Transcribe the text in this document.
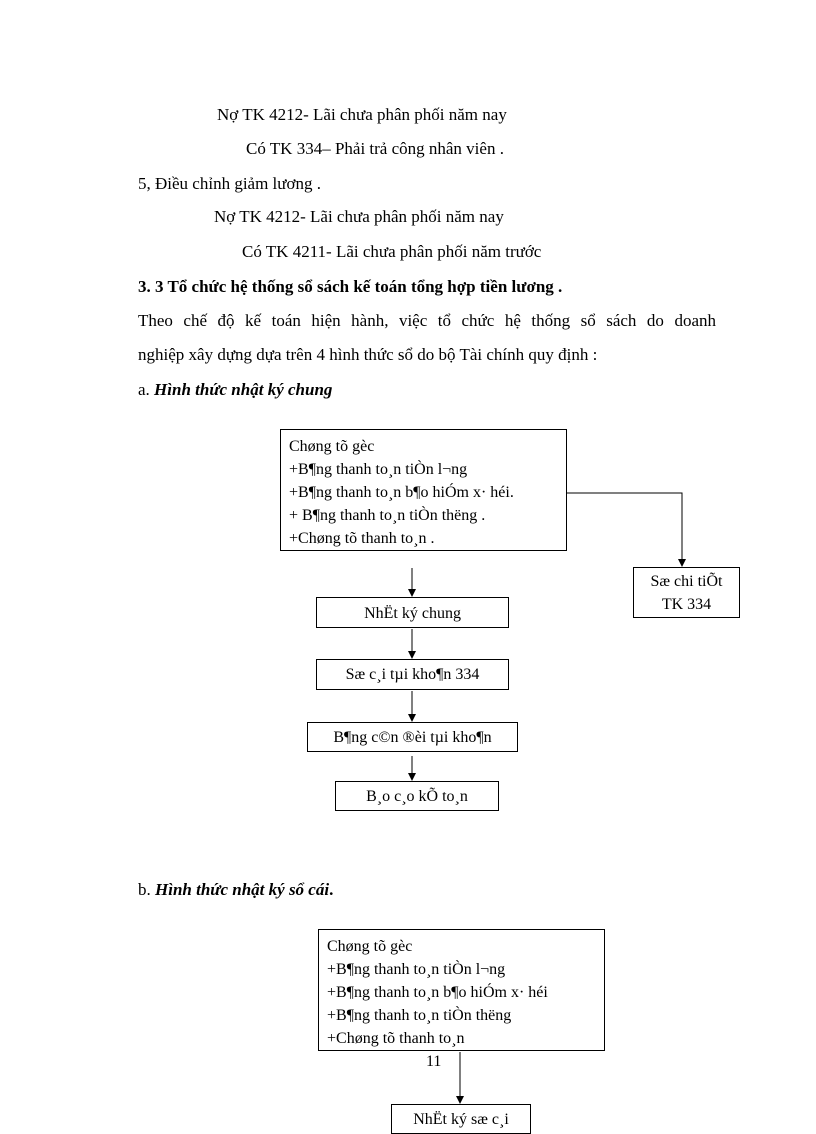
Nợ TK 4212- Lãi chưa phân phối năm nay
Có TK 334– Phải trả công nhân viên .
5, Điều chỉnh giảm lương .
Nợ TK 4212- Lãi chưa phân phối năm nay
Có TK 4211- Lãi chưa phân phối năm trước
3. 3 Tổ chức hệ thống sổ sách kế toán tổng hợp tiền lương .
Theo chế độ kế toán hiện hành, việc tổ chức hệ thống sổ sách do doanh
nghiệp xây dựng dựa trên 4 hình thức sổ do bộ Tài chính quy định :
a. Hình thức nhật ký chung
Chøng tõ gèc
+B¶ng thanh to¸n tiÒn l¬ng
+B¶ng thanh to¸n b¶o hiÓm x· héi.
+ B¶ng thanh to¸n tiÒn thëng .
+Chøng tõ thanh to¸n .
Sæ chi tiÕt
TK 334
NhËt ký chung
Sæ c¸i tµi kho¶n 334
B¶ng c©n ®èi tµi kho¶n
B¸o c¸o kÕ to¸n
b. Hình thức nhật ký sổ cái.
Chøng tõ gèc
+B¶ng thanh to¸n tiÒn l¬ng
+B¶ng thanh to¸n b¶o hiÓm x· héi
+B¶ng thanh to¸n tiÒn thëng
+Chøng tõ thanh to¸n
11
NhËt ký sæ c¸i
